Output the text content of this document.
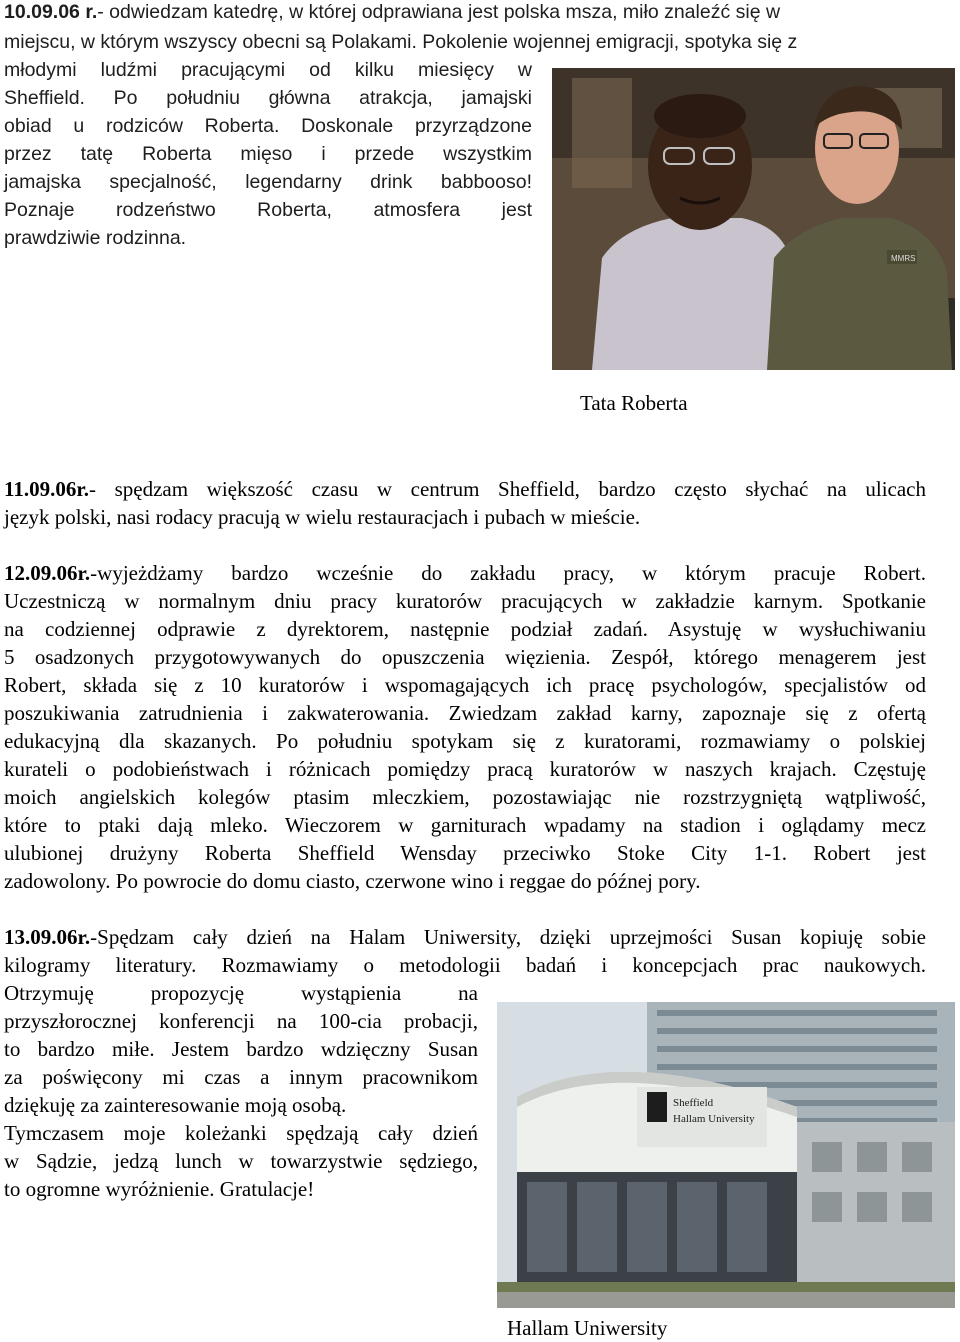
10.09.06 r.- odwiedzam katedrę, w której odprawiana jest polska msza, miło znaleźć się w
miejscu, w którym wszyscy obecni są Polakami. Pokolenie wojennej emigracji, spotyka się z
młodymi ludźmi pracującymi od kilku miesięcy w
Sheffield. Po południu główna atrakcja, jamajski
obiad u rodziców Roberta. Doskonale przyrządzone
przez tatę Roberta mięso i przede wszystkim
jamajska specjalność, legendarny drink babbooso!
Poznaje rodzeństwo Roberta, atmosfera jest
prawdziwie rodzinna.
MMRS
Tata Roberta
11.09.06r.- spędzam większość czasu w centrum Sheffield, bardzo często słychać na ulicach
język polski, nasi rodacy pracują w wielu restauracjach i pubach w mieście.
12.09.06r.-wyjeżdżamy bardzo wcześnie do zakładu pracy, w którym pracuje Robert.
Uczestniczą w normalnym dniu pracy kuratorów pracujących w zakładzie karnym. Spotkanie
na codziennej odprawie z dyrektorem, następnie podział zadań. Asystuję w wysłuchiwaniu
5 osadzonych przygotowywanych do opuszczenia więzienia. Zespół, którego menagerem jest
Robert, składa się z 10 kuratorów i wspomagających ich pracę psychologów, specjalistów od
poszukiwania zatrudnienia i zakwaterowania. Zwiedzam zakład karny, zapoznaje się z ofertą
edukacyjną dla skazanych. Po południu spotykam się z kuratorami, rozmawiamy o polskiej
kurateli o podobieństwach i różnicach pomiędzy pracą kuratorów w naszych krajach. Częstuję
moich angielskich kolegów ptasim mleczkiem, pozostawiając nie rozstrzygniętą wątpliwość,
które to ptaki dają mleko. Wieczorem w garniturach wpadamy na stadion i oglądamy mecz
ulubionej drużyny Roberta Sheffield Wensday przeciwko Stoke City 1-1. Robert jest
zadowolony. Po powrocie do domu ciasto, czerwone wino i reggae do późnej pory.
13.09.06r.-Spędzam cały dzień na Halam Uniwersity, dzięki uprzejmości Susan kopiuję sobie
kilogramy literatury. Rozmawiamy o metodologii badań i koncepcjach prac naukowych.
Otrzymuję propozycję wystąpienia na
przyszłorocznej konferencji na 100-cia probacji,
to bardzo miłe. Jestem bardzo wdzięczny Susan
za poświęcony mi czas a innym pracownikom
dziękuję za zainteresowanie moją osobą.
Tymczasem moje koleżanki spędzają cały dzień
w Sądzie, jedzą lunch w towarzystwie sędziego,
to ogromne wyróżnienie. Gratulacje!
Sheffield
Hallam University
Hallam Uniwersity
